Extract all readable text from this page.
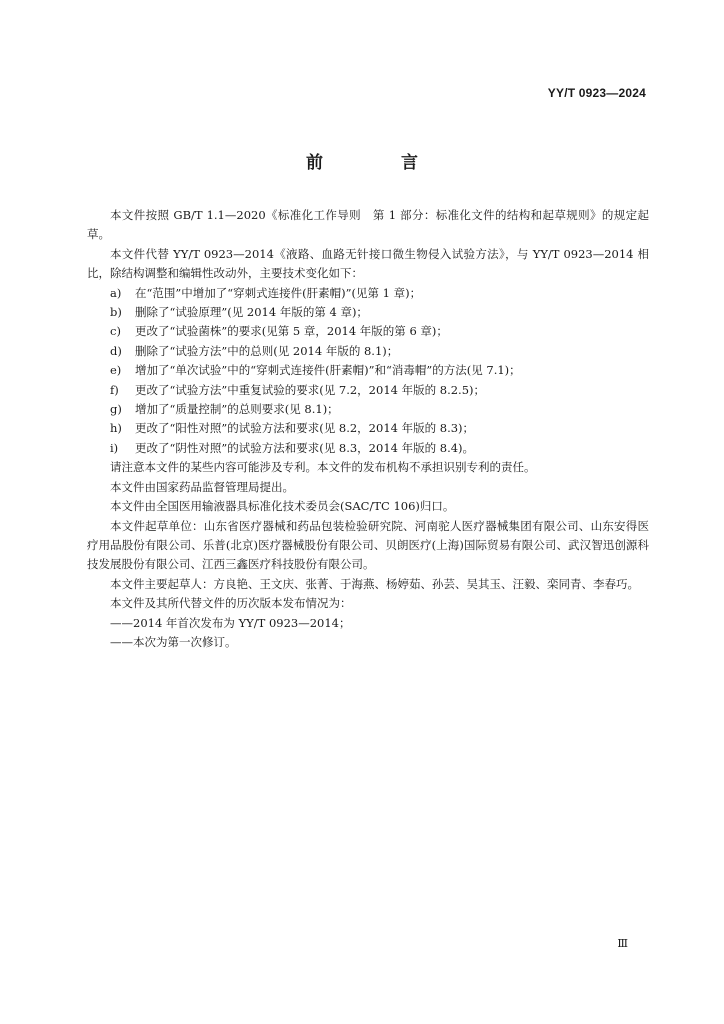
YY/T 0923—2024
前 言

本文件按照 GB/T 1.1—2020《标准化工作导则　第 1 部分：标准化文件的结构和起草规则》的规定起草。

本文件代替 YY/T 0923—2014《液路、血路无针接口微生物侵入试验方法》，与 YY/T 0923—2014 相比，除结构调整和编辑性改动外，主要技术变化如下：

a)	在“范围”中增加了“穿刺式连接件(肝素帽)”(见第 1 章)；
b)	删除了“试验原理”(见 2014 年版的第 4 章)；
c)	更改了“试验菌株”的要求(见第 5 章，2014 年版的第 6 章)；
d)	删除了“试验方法”中的总则(见 2014 年版的 8.1)；
e)	增加了“单次试验”中的“穿刺式连接件(肝素帽)”和“消毒帽”的方法(见 7.1)；
f)	更改了“试验方法”中重复试验的要求(见 7.2，2014 年版的 8.2.5)；
g)	增加了“质量控制”的总则要求(见 8.1)；
h)	更改了“阳性对照”的试验方法和要求(见 8.2，2014 年版的 8.3)；
i)	更改了“阴性对照”的试验方法和要求(见 8.3，2014 年版的 8.4)。

请注意本文件的某些内容可能涉及专利。本文件的发布机构不承担识别专利的责任。

本文件由国家药品监督管理局提出。

本文件由全国医用输液器具标准化技术委员会(SAC/TC 106)归口。

本文件起草单位：山东省医疗器械和药品包装检验研究院、河南驼人医疗器械集团有限公司、山东安得医疗用品股份有限公司、乐普(北京)医疗器械股份有限公司、贝朗医疗(上海)国际贸易有限公司、武汉智迅创源科技发展股份有限公司、江西三鑫医疗科技股份有限公司。

本文件主要起草人：方良艳、王文庆、张菁、于海燕、杨婷茹、孙芸、吴其玉、汪毅、栾同青、李春巧。

本文件及其所代替文件的历次版本发布情况为：

——2014 年首次发布为 YY/T 0923—2014；

——本次为第一次修订。

Ⅲ
